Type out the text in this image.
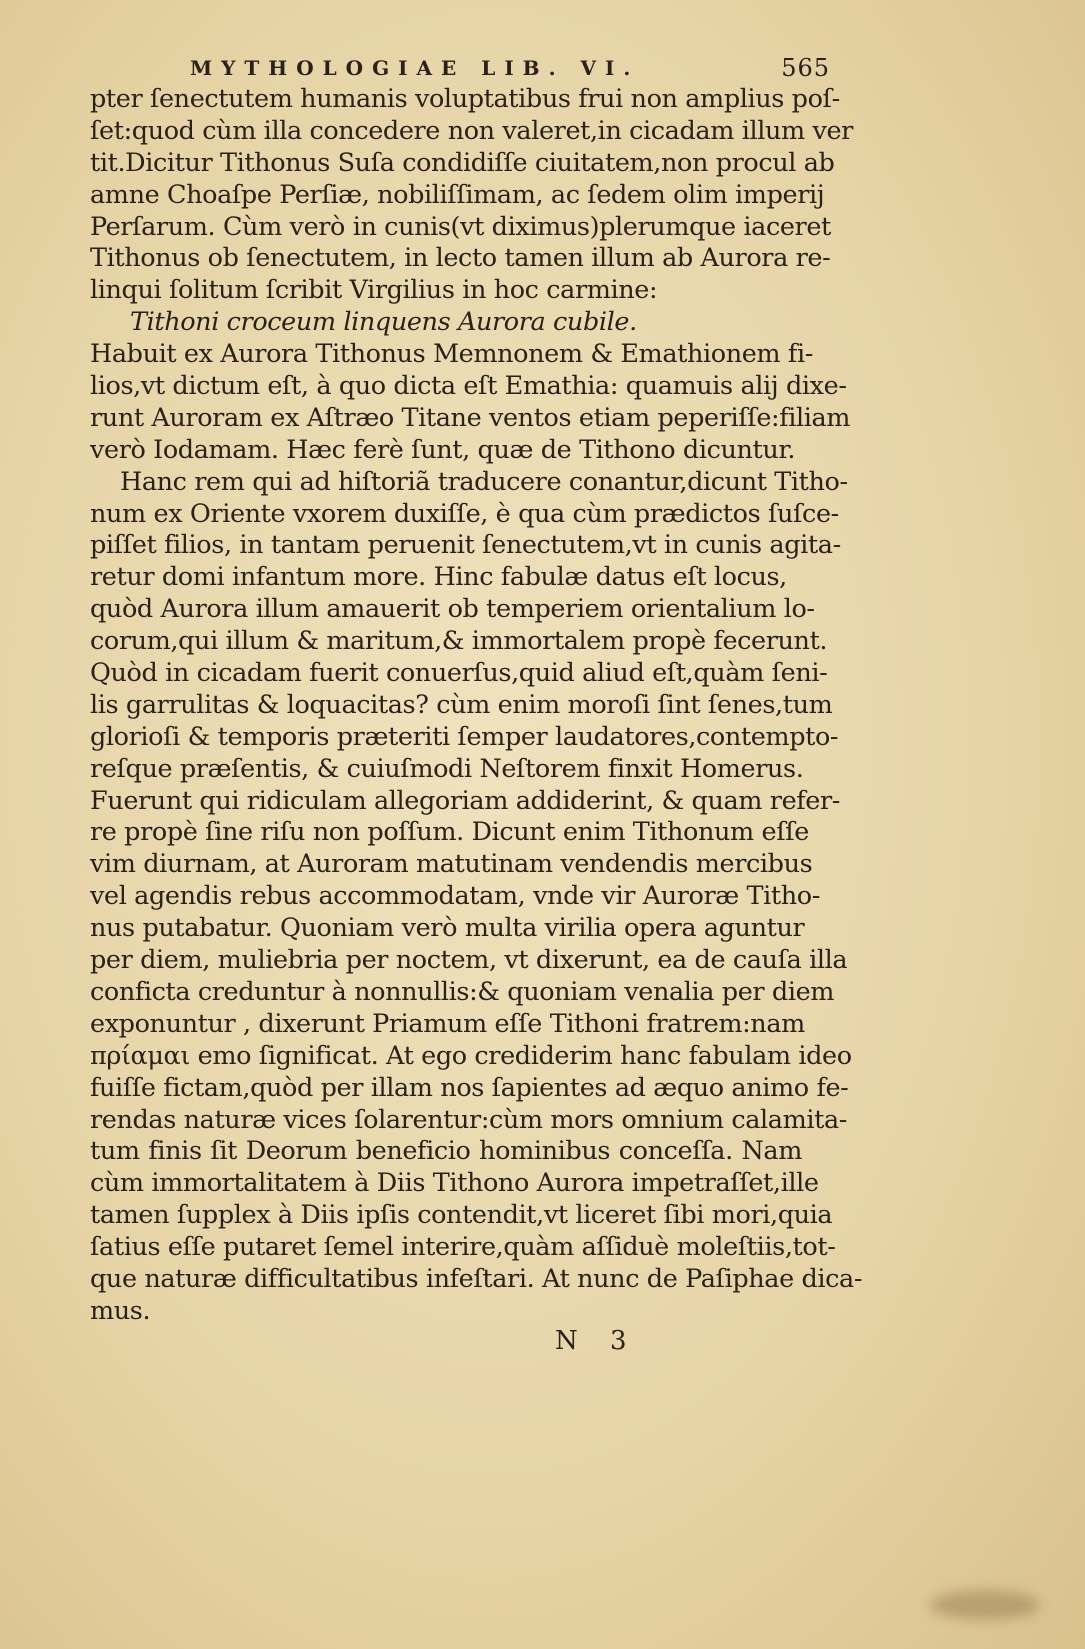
MYTHOLOGIAE LIB. VI.	565
pter ſenectutem humanis voluptatibus frui non amplius poſ-
ſet:quod cùm illa concedere non valeret,in cicadam illum ver
tit.Dicitur Tithonus Suſa condidiſſe ciuitatem,non procul ab
amne Choaſpe Perſiæ, nobiliſſimam, ac ſedem olim imperij
Perſarum. Cùm verò in cunis(vt diximus)plerumque iaceret
Tithonus ob ſenectutem, in lecto tamen illum ab Aurora re-
linqui ſolitum ſcribit Virgilius in hoc carmine:
Tithoni croceum linquens Aurora cubile.
Habuit ex Aurora Tithonus Memnonem & Emathionem fi-
lios,vt dictum eſt, à quo dicta eſt Emathia: quamuis alij dixe-
runt Auroram ex Aſtræo Titane ventos etiam peperiſſe:filiam
verò Iodamam. Hæc ferè ſunt, quæ de Tithono dicuntur.
Hanc rem qui ad hiſtoriã traducere conantur,dicunt Titho-
num ex Oriente vxorem duxiſſe, è qua cùm prædictos ſuſce-
piſſet filios, in tantam peruenit ſenectutem,vt in cunis agita-
retur domi infantum more. Hinc fabulæ datus eſt locus,
quòd Aurora illum amauerit ob temperiem orientalium lo-
corum,qui illum & maritum,& immortalem propè fecerunt.
Quòd in cicadam fuerit conuerſus,quid aliud eſt,quàm ſeni-
lis garrulitas & loquacitas? cùm enim moroſi ſint ſenes,tum
glorioſi & temporis præteriti ſemper laudatores,contempto-
reſque præſentis, & cuiuſmodi Neſtorem finxit Homerus.
Fuerunt qui ridiculam allegoriam addiderint, & quam refer-
re propè ſine riſu non poſſum. Dicunt enim Tithonum eſſe
vim diurnam, at Auroram matutinam vendendis mercibus
vel agendis rebus accommodatam, vnde vir Auroræ Titho-
nus putabatur. Quoniam verò multa virilia opera aguntur
per diem, muliebria per noctem, vt dixerunt, ea de cauſa illa
conficta creduntur à nonnullis:& quoniam venalia per diem
exponuntur , dixerunt Priamum eſſe Tithoni fratrem:nam
πρίαμαι emo ſignificat. At ego crediderim hanc fabulam ideo
fuiſſe fictam,quòd per illam nos ſapientes ad æquo animo fe-
rendas naturæ vices ſolarentur:cùm mors omnium calamita-
tum finis ſit Deorum beneficio hominibus conceſſa. Nam
cùm immortalitatem à Diis Tithono Aurora impetraſſet,ille
tamen ſupplex à Diis ipſis contendit,vt liceret ſibi mori,quia
ſatius eſſe putaret ſemel interire,quàm aſſiduè moleſtiis,tot-
que naturæ difficultatibus infeſtari. At nunc de Paſiphae dica-
mus.
N 3
